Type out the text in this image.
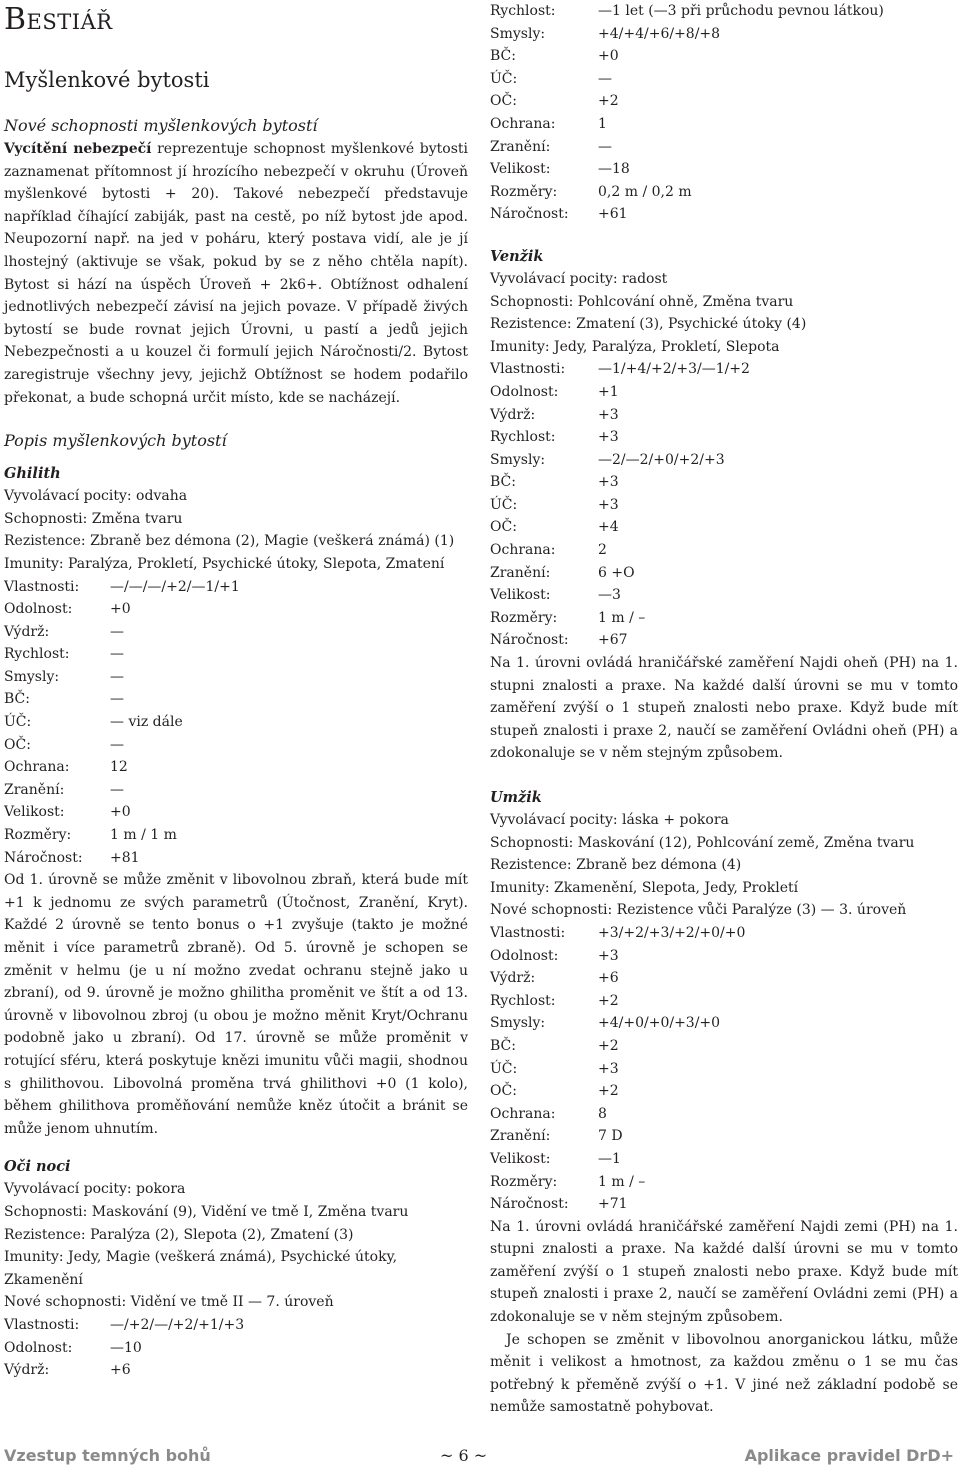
Bestiář
Myšlenkové bytosti
Nové schopnosti myšlenkových bytostí

Vycítění nebezpečí reprezentuje schopnost myšlenkové bytosti zaznamenat přítomnost jí hrozícího nebezpečí v okruhu (Úroveň myšlenkové bytosti + 20). Takové nebezpečí představuje například číhající zabiják, past na cestě, po níž bytost jde apod. Neupozorní např. na jed v poháru, který postava vidí, ale je jí lhostejný (aktivuje se však, pokud by se z něho chtěla napít). Bytost si hází na úspěch Úroveň + 2k6+. Obtížnost odhalení jednotlivých nebezpečí závisí na jejich povaze. V případě živých bytostí se bude rovnat jejich Úrovni, u pastí a jedů jejich Nebezpečnosti a u kouzel či formulí jejich Náročnosti/2. Bytost zaregistruje všechny jevy, jejichž Obtížnost se hodem podařilo překonat, a bude schopná určit místo, kde se nacházejí.

Popis myšlenkových bytostí
Ghilith
Vyvolávací pocity: odvaha
Schopnosti: Změna tvaru
Rezistence: Zbraně bez démona (2), Magie (veškerá známá) (1)
Imunity: Paralýza, Prokletí, Psychické útoky, Slepota, Zmatení
Vlastnosti:	—/—/—/+2/—1/+1
Odolnost:	+0
Výdrž:	—
Rychlost:	—
Smysly:	—
BČ:	—
ÚČ:	— viz dále
OČ:	—
Ochrana:	12
Zranění:	—
Velikost:	+0
Rozměry:	1 m / 1 m
Náročnost:	+81

Od 1. úrovně se může změnit v libovolnou zbraň, která bude mít +1 k jednomu ze svých parametrů (Útočnost, Zranění, Kryt). Každé 2 úrovně se tento bonus o +1 zvyšuje (takto je možné měnit i více parametrů zbraně). Od 5. úrovně je schopen se změnit v helmu (je u ní možno zvedat ochranu stejně jako u zbraní), od 9. úrovně je možno ghilitha proměnit ve štít a od 13. úrovně v libovolnou zbroj (u obou je možno měnit Kryt/Ochranu podobně jako u zbraní). Od 17. úrovně se může proměnit v rotující sféru, která poskytuje knězi imunitu vůči magii, shodnou s ghilithovou. Libovolná proměna trvá ghilithovi +0 (1 kolo), během ghilithova proměňování nemůže kněz útočit a bránit se může jenom uhnutím.

Oči noci
Vyvolávací pocity: pokora
Schopnosti: Maskování (9), Vidění ve tmě I, Změna tvaru
Rezistence: Paralýza (2), Slepota (2), Zmatení (3)
Imunity: Jedy, Magie (veškerá známá), Psychické útoky, Zkamenění
Nové schopnosti: Vidění ve tmě II — 7. úroveň
Vlastnosti:	—/+2/—/+2/+1/+3
Odolnost:	—10
Výdrž:	+6
Rychlost:	—1 let (—3 při průchodu pevnou látkou)
Smysly:	+4/+4/+6/+8/+8
BČ:	+0
ÚČ:	—
OČ:	+2
Ochrana:	1
Zranění:	—
Velikost:	—18
Rozměry:	0,2 m / 0,2 m
Náročnost:	+61
Venžik
Vyvolávací pocity: radost
Schopnosti: Pohlcování ohně, Změna tvaru
Rezistence: Zmatení (3), Psychické útoky (4)
Imunity: Jedy, Paralýza, Prokletí, Slepota
Vlastnosti:	—1/+4/+2/+3/—1/+2
Odolnost:	+1
Výdrž:	+3
Rychlost:	+3
Smysly:	—2/—2/+0/+2/+3
BČ:	+3
ÚČ:	+3
OČ:	+4
Ochrana:	2
Zranění:	6 +O
Velikost:	—3
Rozměry:	1 m / –
Náročnost:	+67

Na 1. úrovni ovládá hraničářské zaměření Najdi oheň (PH) na 1. stupni znalosti a praxe. Na každé další úrovni se mu v tomto zaměření zvýší o 1 stupeň znalosti nebo praxe. Když bude mít stupeň znalosti i praxe 2, naučí se zaměření Ovládni oheň (PH) a zdokonaluje se v něm stejným způsobem.

Umžik
Vyvolávací pocity: láska + pokora
Schopnosti: Maskování (12), Pohlcování země, Změna tvaru
Rezistence: Zbraně bez démona (4)
Imunity: Zkamenění, Slepota, Jedy, Prokletí
Nové schopnosti: Rezistence vůči Paralýze (3) — 3. úroveň
Vlastnosti:	+3/+2/+3/+2/+0/+0
Odolnost:	+3
Výdrž:	+6
Rychlost:	+2
Smysly:	+4/+0/+0/+3/+0
BČ:	+2
ÚČ:	+3
OČ:	+2
Ochrana:	8
Zranění:	7 D
Velikost:	—1
Rozměry:	1 m / –
Náročnost:	+71

Na 1. úrovni ovládá hraničářské zaměření Najdi zemi (PH) na 1. stupni znalosti a praxe. Na každé další úrovni se mu v tomto zaměření zvýší o 1 stupeň znalosti nebo praxe. Když bude mít stupeň znalosti i praxe 2, naučí se zaměření Ovládni zemi (PH) a zdokonaluje se v něm stejným způsobem.

Je schopen se změnit v libovolnou anorganickou látku, může měnit i velikost a hmotnost, za každou změnu o 1 se mu čas potřebný k přeměně zvýší o +1. V jiné než základní podobě se nemůže samostatně pohybovat.

Vzestup temných bohů	~ 6 ~	Aplikace pravidel DrD+
